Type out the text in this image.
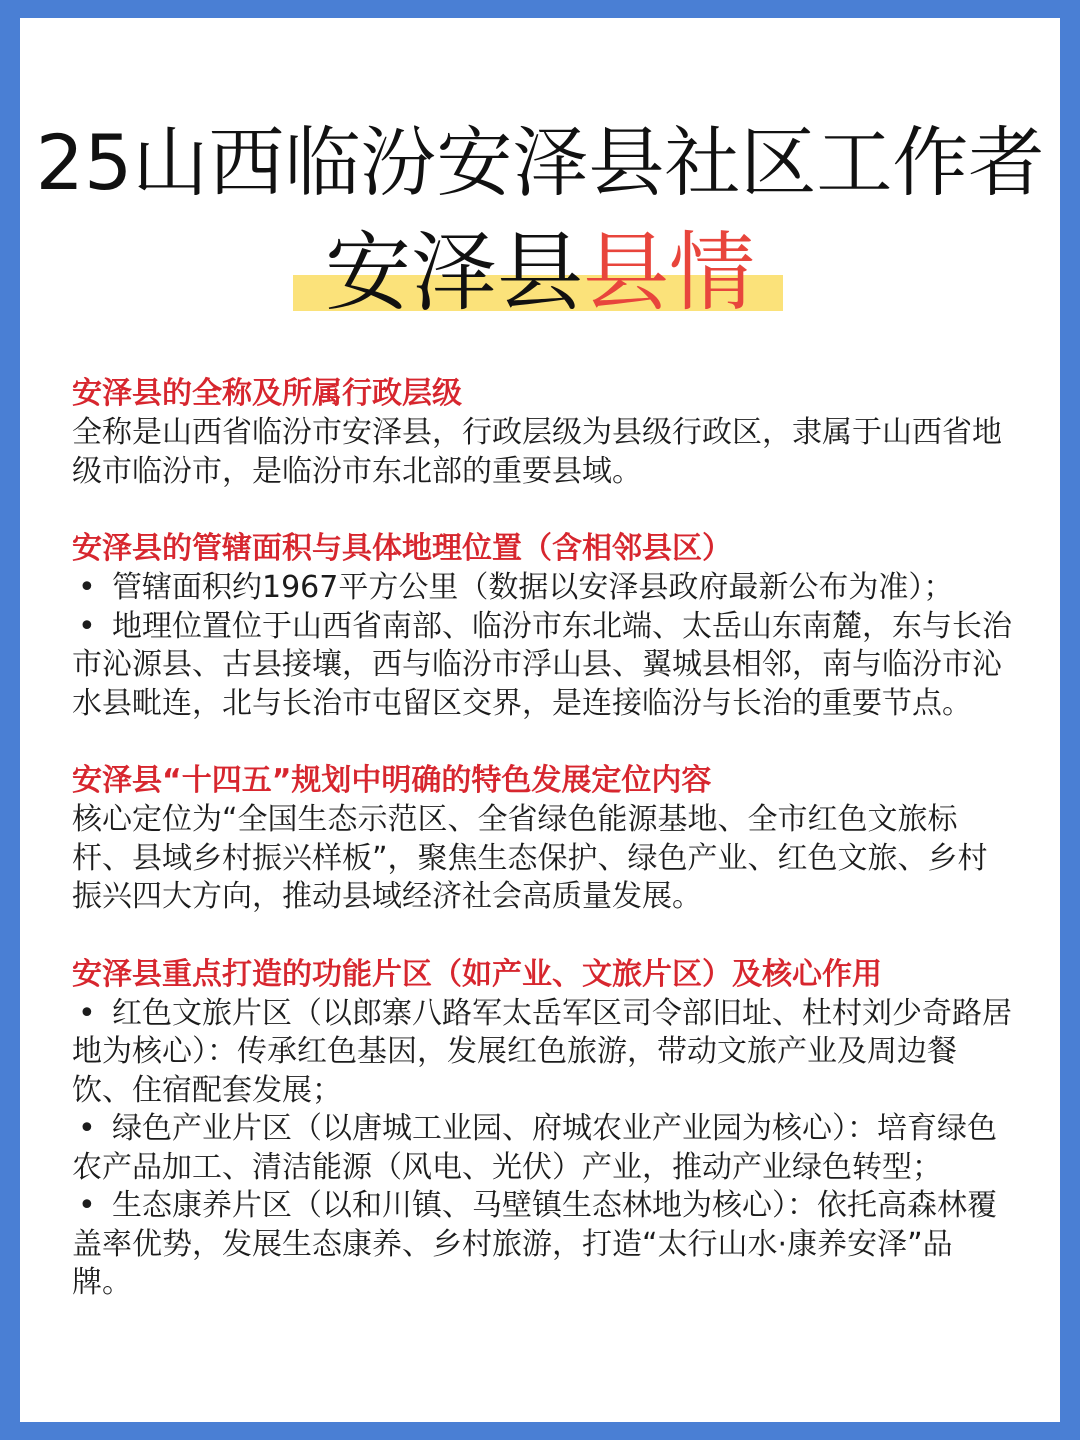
25山西临汾安泽县社区工作者
安泽县县情

安泽县的全称及所属行政层级

全称是山西省临汾市安泽县，行政层级为县级行政区，隶属于山西省地级市临汾市，是临汾市东北部的重要县域。

安泽县的管辖面积与具体地理位置（含相邻县区）

• 管辖面积约1967平方公里（数据以安泽县政府最新公布为准）；

• 地理位置位于山西省南部、临汾市东北端、太岳山东南麓，东与长治市沁源县、古县接壤，西与临汾市浮山县、翼城县相邻，南与临汾市沁水县毗连，北与长治市屯留区交界，是连接临汾与长治的重要节点。

安泽县“十四五”规划中明确的特色发展定位内容

核心定位为“全国生态示范区、全省绿色能源基地、全市红色文旅标杆、县域乡村振兴样板”，聚焦生态保护、绿色产业、红色文旅、乡村振兴四大方向，推动县域经济社会高质量发展。

安泽县重点打造的功能片区（如产业、文旅片区）及核心作用

• 红色文旅片区（以郎寨八路军太岳军区司令部旧址、杜村刘少奇路居地为核心）：传承红色基因，发展红色旅游，带动文旅产业及周边餐饮、住宿配套发展；

• 绿色产业片区（以唐城工业园、府城农业产业园为核心）：培育绿色农产品加工、清洁能源（风电、光伏）产业，推动产业绿色转型；

• 生态康养片区（以和川镇、马壁镇生态林地为核心）：依托高森林覆盖率优势，发展生态康养、乡村旅游，打造“太行山水·康养安泽”品牌。
